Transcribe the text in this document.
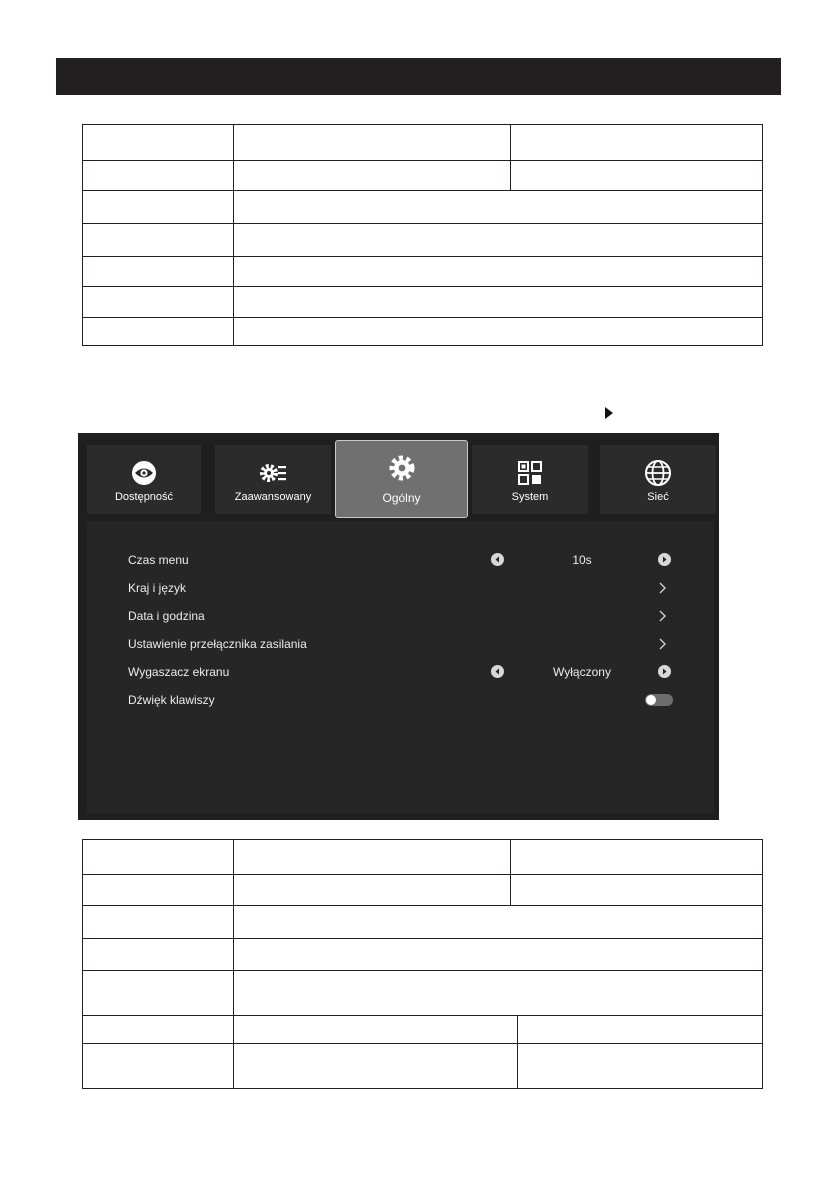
Dostępność	Zaawansowany	Ogólny	System	Sieć
Czas menu	10s
Kraj i język
Data i godzina
Ustawienie przełącznika zasilania
Wygaszacz ekranu	Wyłączony
Dźwięk klawiszy
